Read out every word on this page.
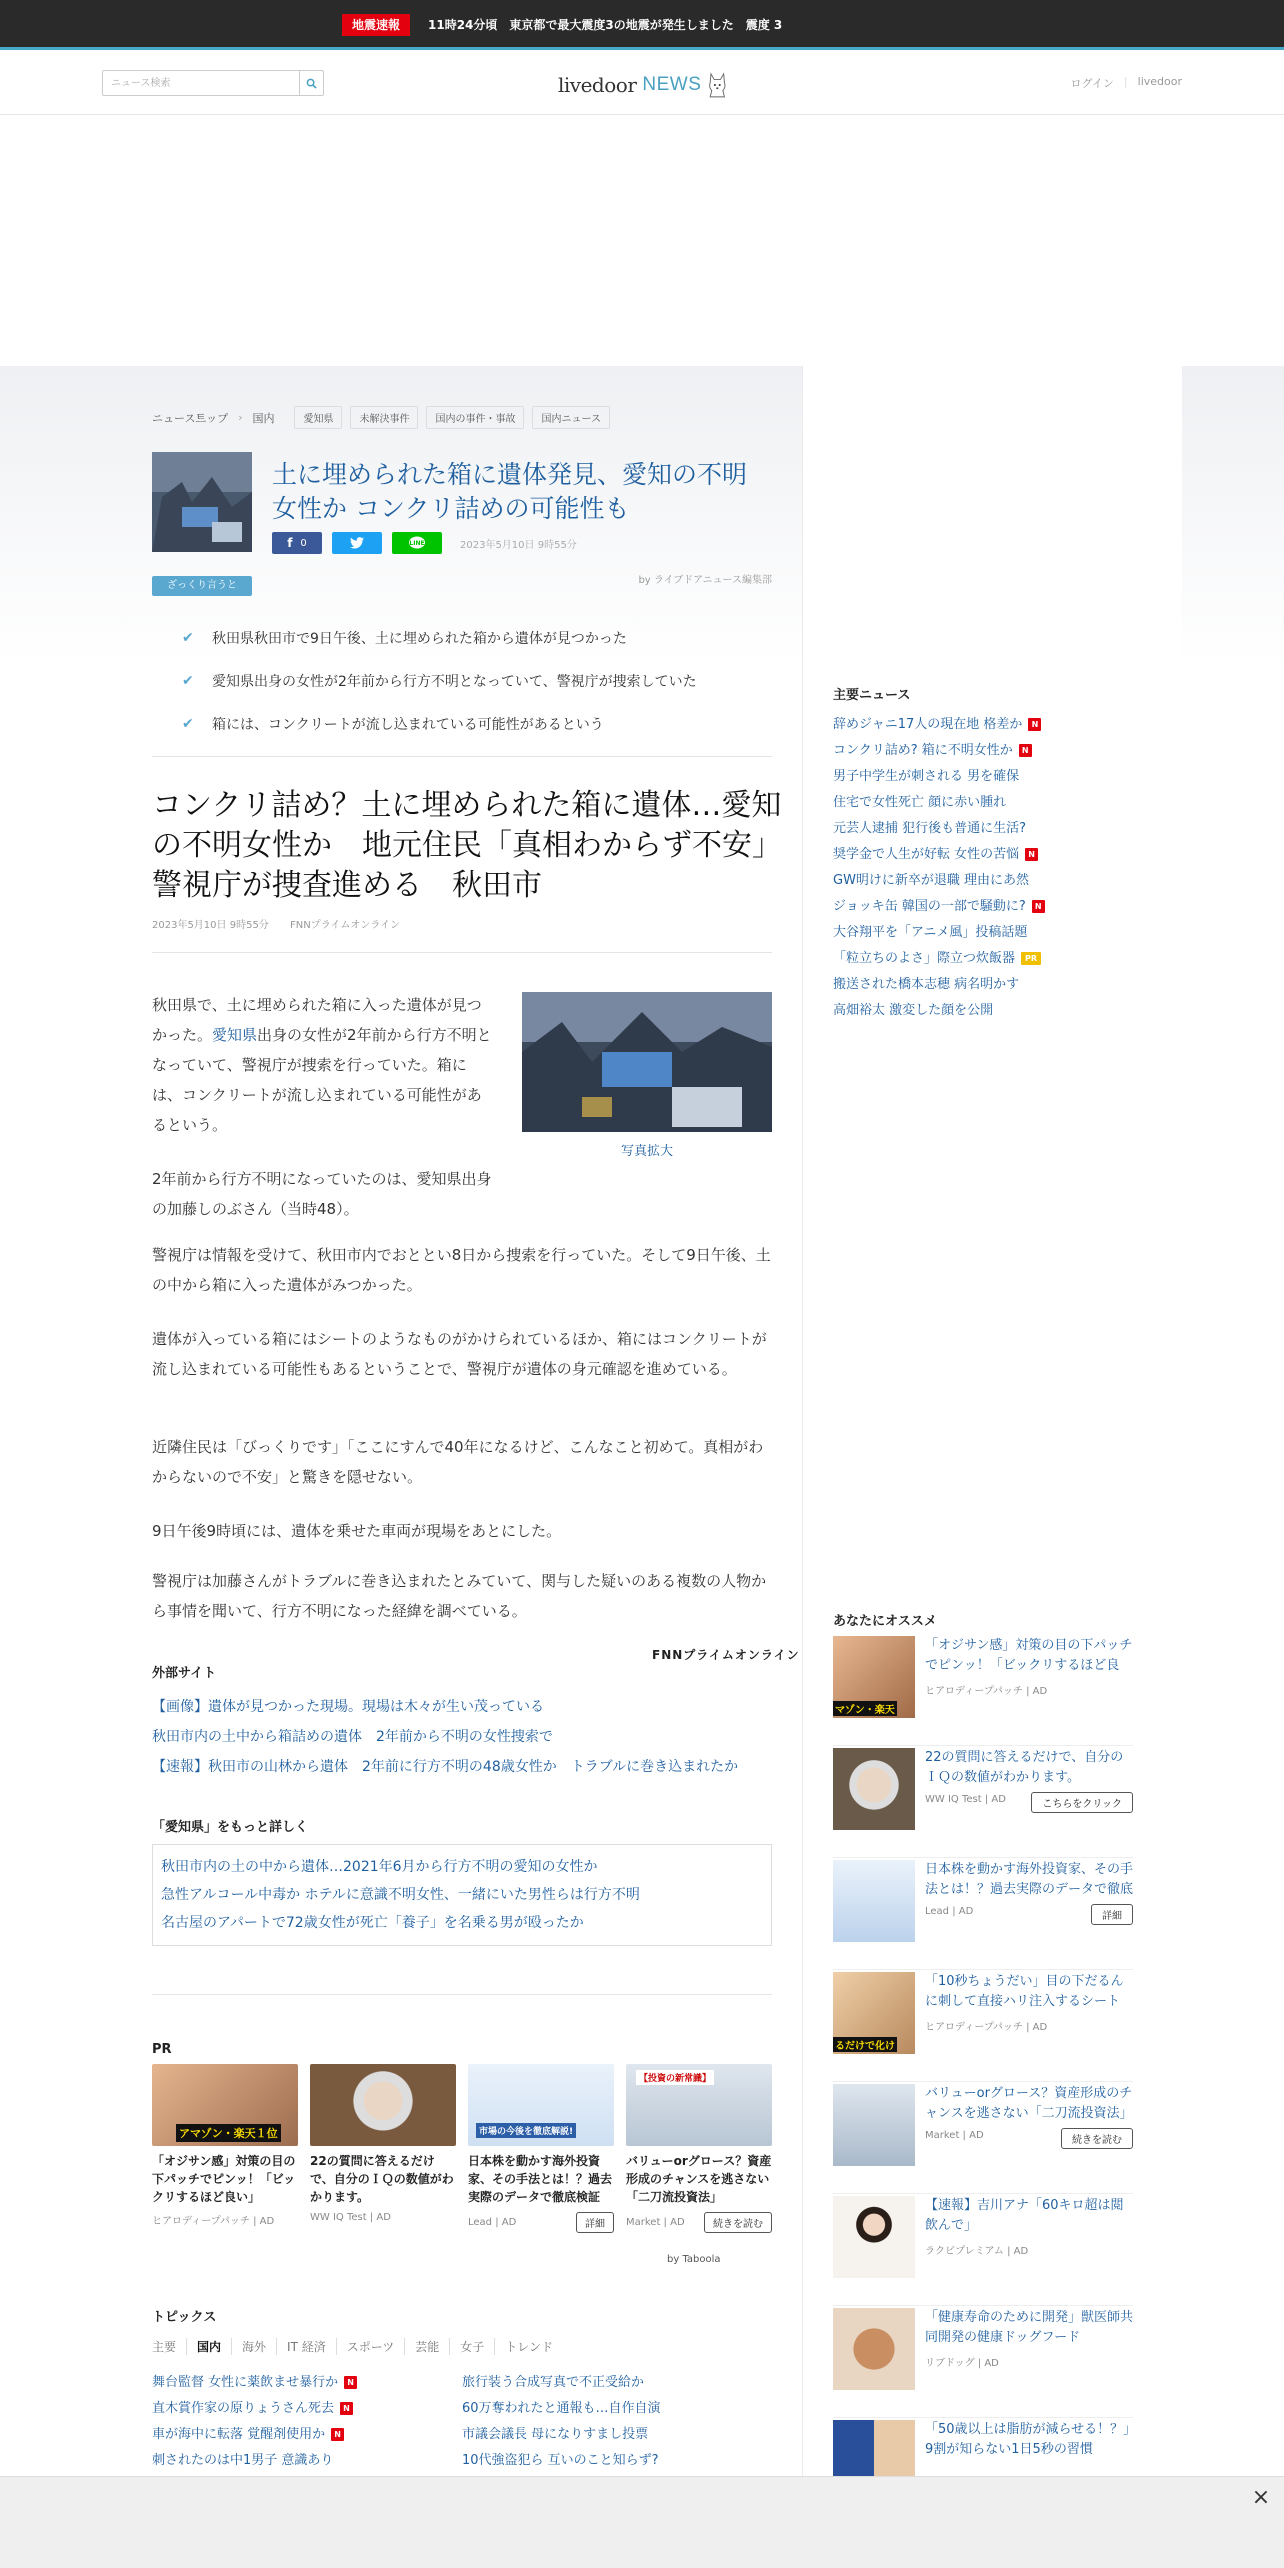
地震速報	11時24分頃　東京都で最大震度3の地震が発生しました　震度 3
ニュース検索
livedoor NEWS	ログイン | livedoor
ニュース트ップ › 国内	愛知県	未解決事件	国内の事件・事故	国内ニュース
土に埋められた箱に遺体発見、愛知の不明女性か コンクリ詰めの可能性も
f 0	LINE	2023年5月10日 9時55分
by ライブドアニュース編集部
ざっくり言うと
✔	秋田県秋田市で9日午後、土に埋められた箱から遺体が見つかった
✔	愛知県出身の女性が2年前から行方不明となっていて、警視庁が捜索していた
✔	箱には、コンクリートが流し込まれている可能性があるという
コンクリ詰め？土に埋められた箱に遺体…愛知の不明女性か　地元住民「真相わからず不安」警視庁が捜査進める　秋田市
2023年5月10日 9時55分 FNNプライムオンライン
写真拡大
秋田県で、土に埋められた箱に入った遺体が見つかった。愛知県出身の女性が2年前から行方不明となっていて、警視庁が捜索を行っていた。箱には、コンクリートが流し込まれている可能性があるという。
2年前から行方不明になっていたのは、愛知県出身の加藤しのぶさん（当時48）。
警視庁は情報を受けて、秋田市内でおととい8日から捜索を行っていた。そして9日午後、土の中から箱に入った遺体がみつかった。
遺体が入っている箱にはシートのようなものがかけられているほか、箱にはコンクリートが流し込まれている可能性もあるということで、警視庁が遺体の身元確認を進めている。
近隣住民は「びっくりです」「ここにすんで40年になるけど、こんなこと初めて。真相がわからないので不安」と驚きを隠せない。
9日午後9時頃には、遺体を乗せた車両が現場をあとにした。
警視庁は加藤さんがトラブルに巻き込まれたとみていて、関与した疑いのある複数の人物から事情を聞いて、行方不明になった経緯を調べている。
FNNプライムオンライン
外部サイト
【画像】遺体が見つかった現場。現場は木々が生い茂っている
秋田市内の土中から箱詰めの遺体　2年前から不明の女性捜索で
【速報】秋田市の山林から遺体　2年前に行方不明の48歳女性か　トラブルに巻き込まれたか
「愛知県」をもっと詳しく
秋田市内の土の中から遺体…2021年6月から行方不明の愛知の女性か
急性アルコール中毒か ホテルに意識不明女性、一緒にいた男性らは行方不明
名古屋のアパートで72歳女性が死亡「養子」を名乗る男が殴ったか
PR
アマゾン・楽天１位
「オジサン感」対策の目の下パッチでピンッ！「ビックリするほど良い」
ヒアロディープパッチ | AD
22の質問に答えるだけで、自分のＩＱの数値がわかります。
WW IQ Test | AD
市場の今後を徹底解説!
日本株を動かす海外投資家、その手法とは！？過去実際のデータで徹底検証
Lead | AD	詳細
【投資の新常識】
バリューorグロース？資産形成のチャンスを逃さない「二刀流投資法」
Market | AD	続きを読む
by Taboola
トピックス
主要	国内	海外	IT 経済	スポーツ	芸能	女子	トレンド
舞台監督 女性に薬飲ませ暴行か N
直木賞作家の原りょうさん死去 N
車が海中に転落 覚醒剤使用か N
刺されたのは中1男子 意識あり
旅行装う合成写真で不正受給か
60万奪われたと通報も…自作自演
市議会議長 母になりすまし投票
10代強盗犯ら 互いのこと知らず?
主要ニュース
辞めジャニ17人の現在地 格差か N
コンクリ詰め? 箱に不明女性か N
男子中学生が刺される 男を確保
住宅で女性死亡 顔に赤い腫れ
元芸人逮捕 犯行後も普通に生活?
奨学金で人生が好転 女性の苦悩 N
GW明けに新卒が退職 理由にあ然
ジョッキ缶 韓国の一部で騒動に? N
大谷翔平を「アニメ風」投稿話題
「粒立ちのよさ」際立つ炊飯器 PR
搬送された橋本志穂 病名明かす
高畑裕太 激変した顔を公開
あなたにオススメ
マゾン・楽天
「オジサン感」対策の目の下パッチでピンッ！「ビックリするほど良
ヒアロディープパッチ | AD
22の質問に答えるだけで、自分のＩＱの数値がわかります。
WW IQ Test | AD	こちらをクリック
日本株を動かす海外投資家、その手法とは！？過去実際のデータで徹底
Lead | AD	詳細
るだけで化け
「10秒ちょうだい」目の下だるんに刺して直接ハリ注入するシート
ヒアロディープパッチ | AD
バリューorグロース？資産形成のチャンスを逃さない「二刀流投資法」
Market | AD	続きを読む
【速報】吉川アナ「60キロ超は閲飲んで」
ラクビプレミアム | AD
「健康寿命のために開発」獣医師共同開発の健康ドッグフード
リブドッグ | AD
「50歳以上は脂肪が減らせる！？」9割が知らない1日5秒の習慣
×
